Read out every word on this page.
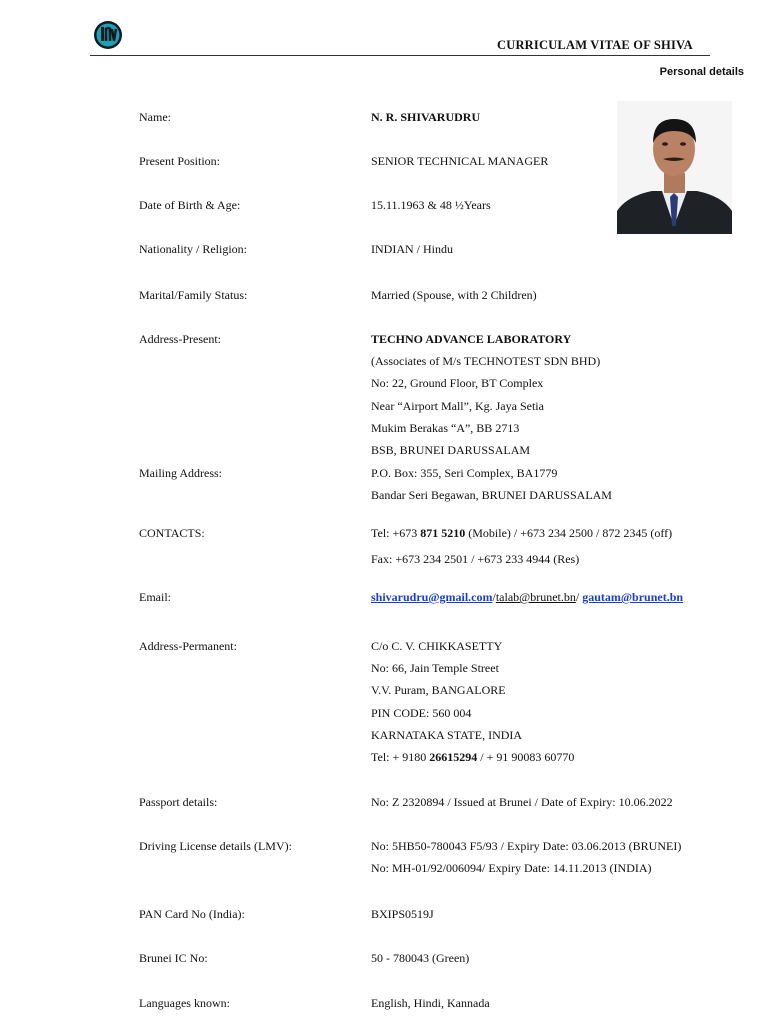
CURRICULAM VITAE OF SHIVA
Personal details
Name:	N. R. SHIVARUDRU
Present Position:	SENIOR TECHNICAL MANAGER
Date of Birth & Age:	15.11.1963 & 48 ½Years
Nationality / Religion:	INDIAN / Hindu
Marital/Family Status:	Married (Spouse, with 2 Children)
Address-Present:	TECHNO ADVANCE LABORATORY
(Associates of M/s TECHNOTEST SDN BHD)
No: 22, Ground Floor, BT Complex
Near “Airport Mall”, Kg. Jaya Setia
Mukim Berakas “A”, BB 2713
BSB, BRUNEI DARUSSALAM
Mailing Address:	P.O. Box: 355, Seri Complex, BA1779
Bandar Seri Begawan, BRUNEI DARUSSALAM
CONTACTS:	Tel: +673 871 5210 (Mobile) / +673 234 2500 / 872 2345 (off)
Fax: +673 234 2501 / +673 233 4944 (Res)
Email:	shivarudru@gmail.com/talab@brunet.bn/ gautam@brunet.bn
Address-Permanent:	C/o C. V. CHIKKASETTY
No: 66, Jain Temple Street
V.V. Puram, BANGALORE
PIN CODE: 560 004
KARNATAKA STATE, INDIA
Tel: + 9180 26615294 / + 91 90083 60770
Passport details:	No: Z 2320894 / Issued at Brunei / Date of Expiry: 10.06.2022
Driving License details (LMV):	No: 5HB50-780043 F5/93 / Expiry Date: 03.06.2013 (BRUNEI)
No: MH-01/92/006094/ Expiry Date: 14.11.2013 (INDIA)
PAN Card No (India):	BXIPS0519J
Brunei IC No:	50 - 780043 (Green)
Languages known:	English, Hindi, Kannada
